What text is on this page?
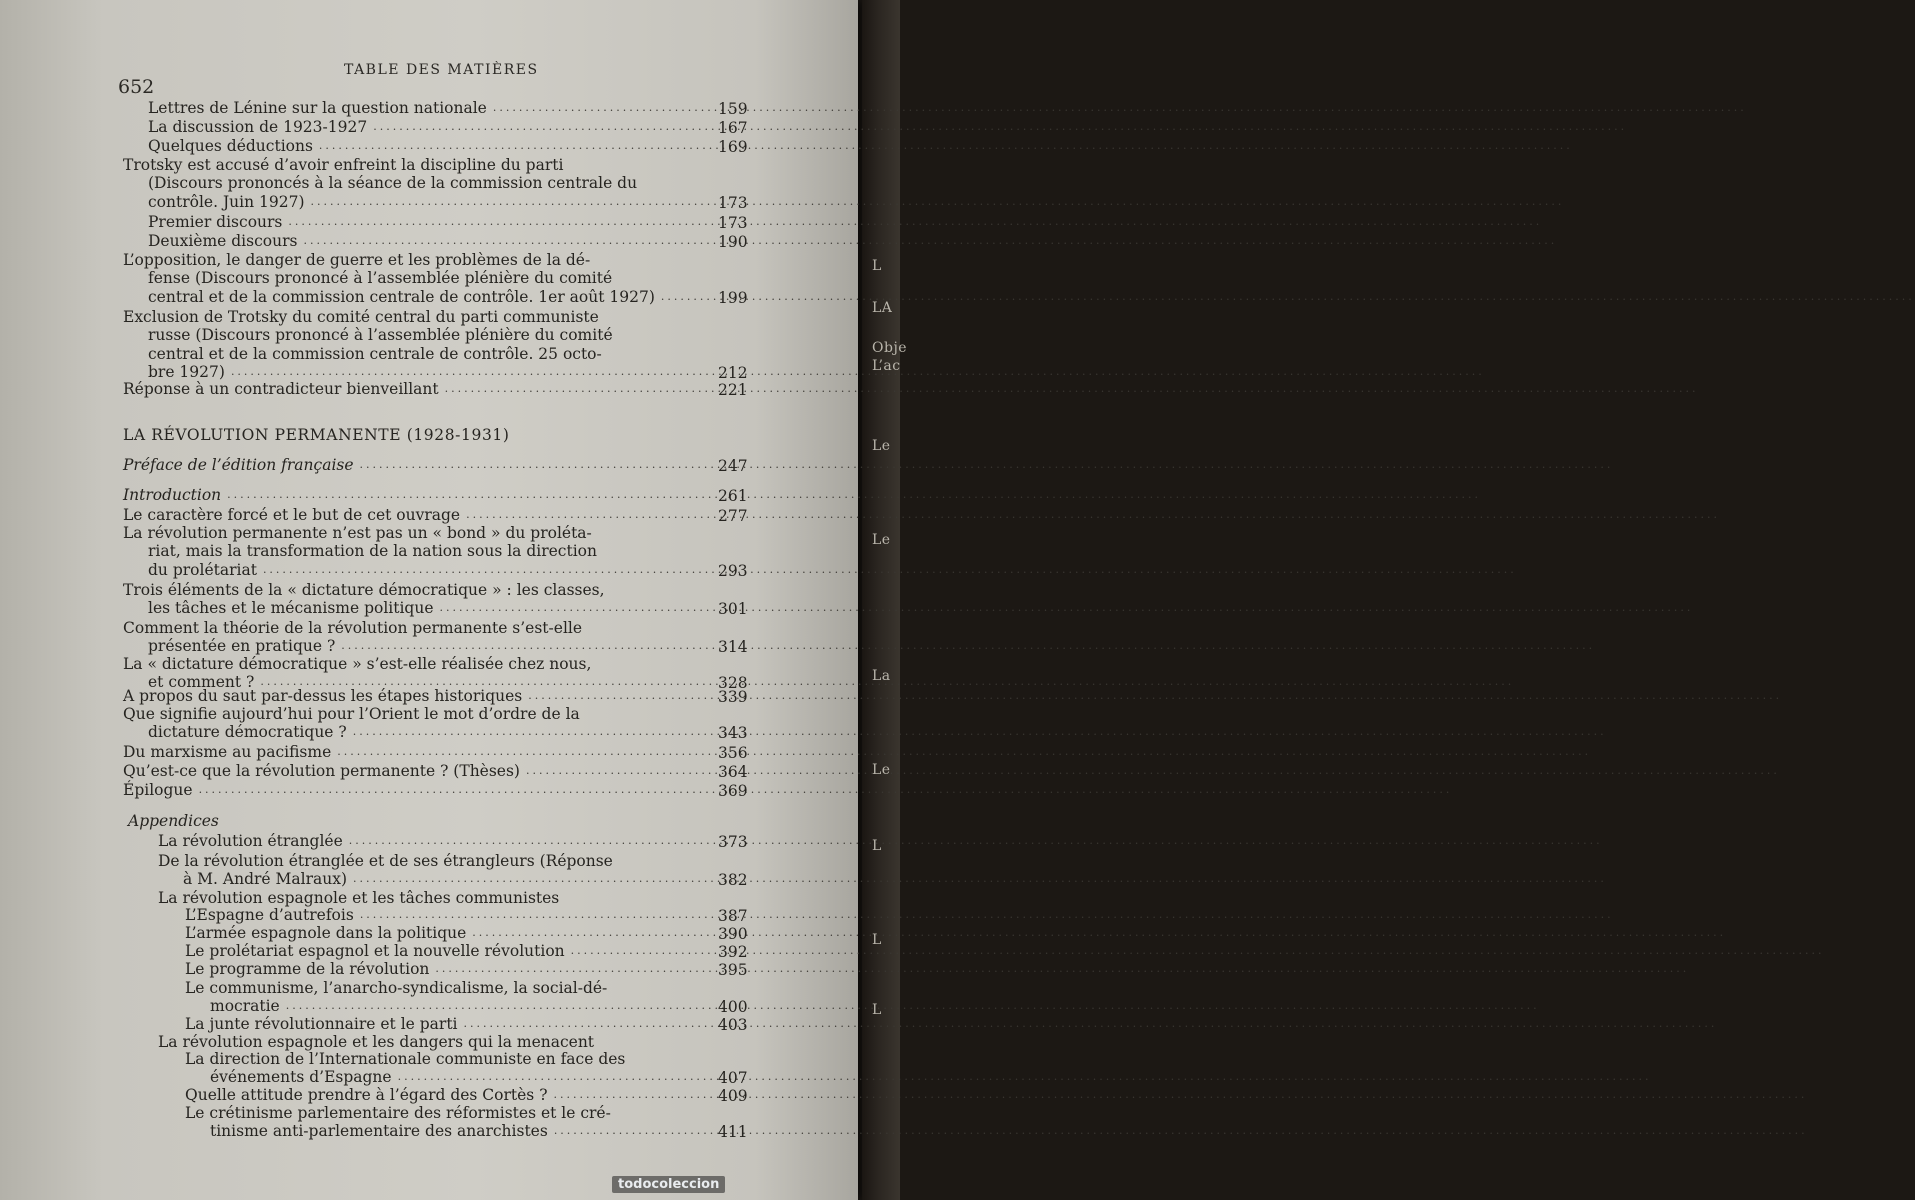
652
TABLE DES MATIÈRES
Lettres de Lénine sur la question nationale .....	159
La discussion de 1923-1927 .....	167
Quelques déductions .....	169
Trotsky est accusé d’avoir enfreint la discipline du parti
(Discours prononcés à la séance de la commission centrale du
contrôle. Juin 1927) .....	173
Premier discours .....	173
Deuxième discours .....	190
L’opposition, le danger de guerre et les problèmes de la dé-
fense (Discours prononcé à l’assemblée plénière du comité
central et de la commission centrale de contrôle. 1er août 1927) .....	199
Exclusion de Trotsky du comité central du parti communiste
russe (Discours prononcé à l’assemblée plénière du comité
central et de la commission centrale de contrôle. 25 octo-
bre 1927) .....	212
Réponse à un contradicteur bienveillant .....	221
LA RÉVOLUTION PERMANENTE (1928-1931)
Préface de l’édition française .....	247
Introduction .....	261
Le caractère forcé et le but de cet ouvrage .....	277
La révolution permanente n’est pas un « bond » du prolétа-
riat, mais la transformation de la nation sous la direction
du prolétariat .....	293
Trois éléments de la « dictature démocratique » : les classes,
les tâches et le mécanisme politique .....	301
Comment la théorie de la révolution permanente s’est-elle
présentée en pratique ? .....	314
La « dictature démocratique » s’est-elle réalisée chez nous,
et comment ? .....	328
A propos du saut par-dessus les étapes historiques .....	339
Que signifie aujourd’hui pour l’Orient le mot d’ordre de la
dictature démocratique ? .....	343
Du marxisme au pacifisme .....	356
Qu’est-ce que la révolution permanente ? (Thèses) .....	364
Épilogue .....	369
Appendices
La révolution étranglée .....	373
De la révolution étranglée et de ses étrangleurs (Réponse
à M. André Malraux) .....	382
La révolution espagnole et les tâches communistes
L’Espagne d’autrefois .....	387
L’armée espagnole dans la politique .....	390
Le prolétariat espagnol et la nouvelle révolution .....	392
Le programme de la révolution .....	395
Le communisme, l’anarcho-syndicalisme, la social-dé-
mocratie .....	400
La junte révolutionnaire et le parti .....	403
La révolution espagnole et les dangers qui la menacent
La direction de l’Internationale communiste en face des
événements d’Espagne .....	407
Quelle attitude prendre à l’égard des Cortès ? .....	409
Le crétinisme parlementaire des réformistes et le cré-
tinisme anti-parlementaire des anarchistes .....	411
L
LA
Obje
L’ac
Le
Le
La
Le
L
L
L
todocoleccion
